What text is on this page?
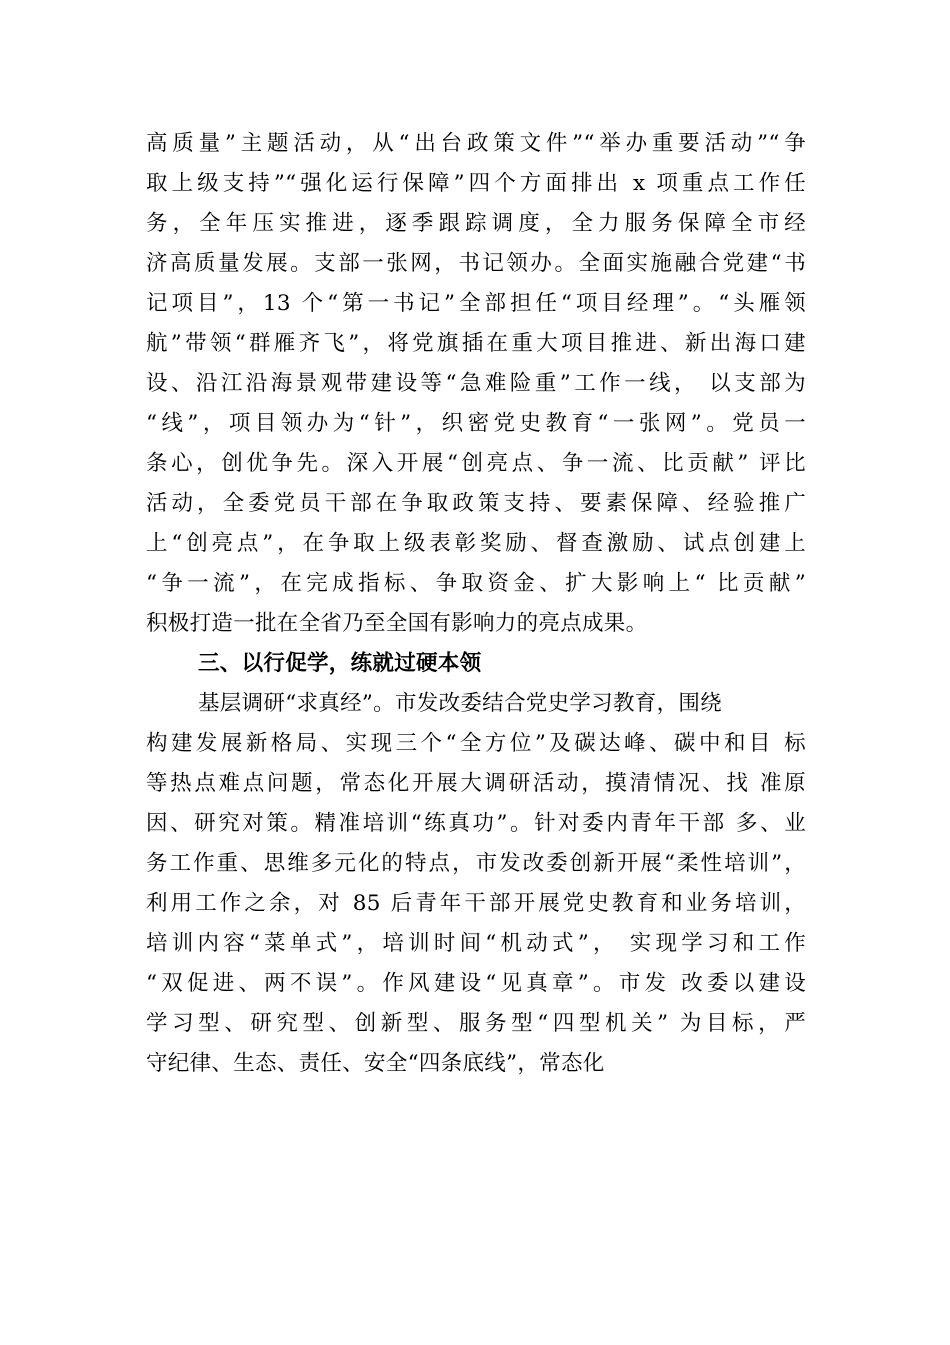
高质量”主题活动，从“出台政策文件”“举办重要活动”“争
取上级支持”“强化运行保障”四个方面排出 x 项重点工作任
务，全年压实推进，逐季跟踪调度，全力服务保障全市经
济高质量发展。支部一张网，书记领办。全面实施融合党建“书
记项目”，13 个“第一书记”全部担任“项目经理”。“头雁领
航”带领“群雁齐飞”，将党旗插在重大项目推进、新出海口建
设、沿江沿海景观带建设等“急难险重”工作一线， 以支部为
“线”，项目领办为“针”，织密党史教育“一张网”。党员一
条心，创优争先。深入开展“创亮点、争一流、比贡献” 评比
活动，全委党员干部在争取政策支持、要素保障、经验推广
上“创亮点”，在争取上级表彰奖励、督查激励、试点创建上
“争一流”，在完成指标、争取资金、扩大影响上“ 比贡献”
积极打造一批在全省乃至全国有影响力的亮点成果。
三、以行促学，练就过硬本领
基层调研“求真经”。市发改委结合党史学习教育，围绕
构建发展新格局、实现三个“全方位”及碳达峰、碳中和目 标
等热点难点问题，常态化开展大调研活动，摸清情况、找 准原
因、研究对策。精准培训“练真功”。针对委内青年干部 多、业
务工作重、思维多元化的特点，市发改委创新开展“柔性培训”，
利用工作之余，对 85 后青年干部开展党史教育和业务培训，
培训内容“菜单式”，培训时间“机动式”， 实现学习和工作
“双促进、两不误”。作风建设“见真章”。市发 改委以建设
学习型、研究型、创新型、服务型“四型机关” 为目标，严
守纪律、生态、责任、安全“四条底线”，常态化
